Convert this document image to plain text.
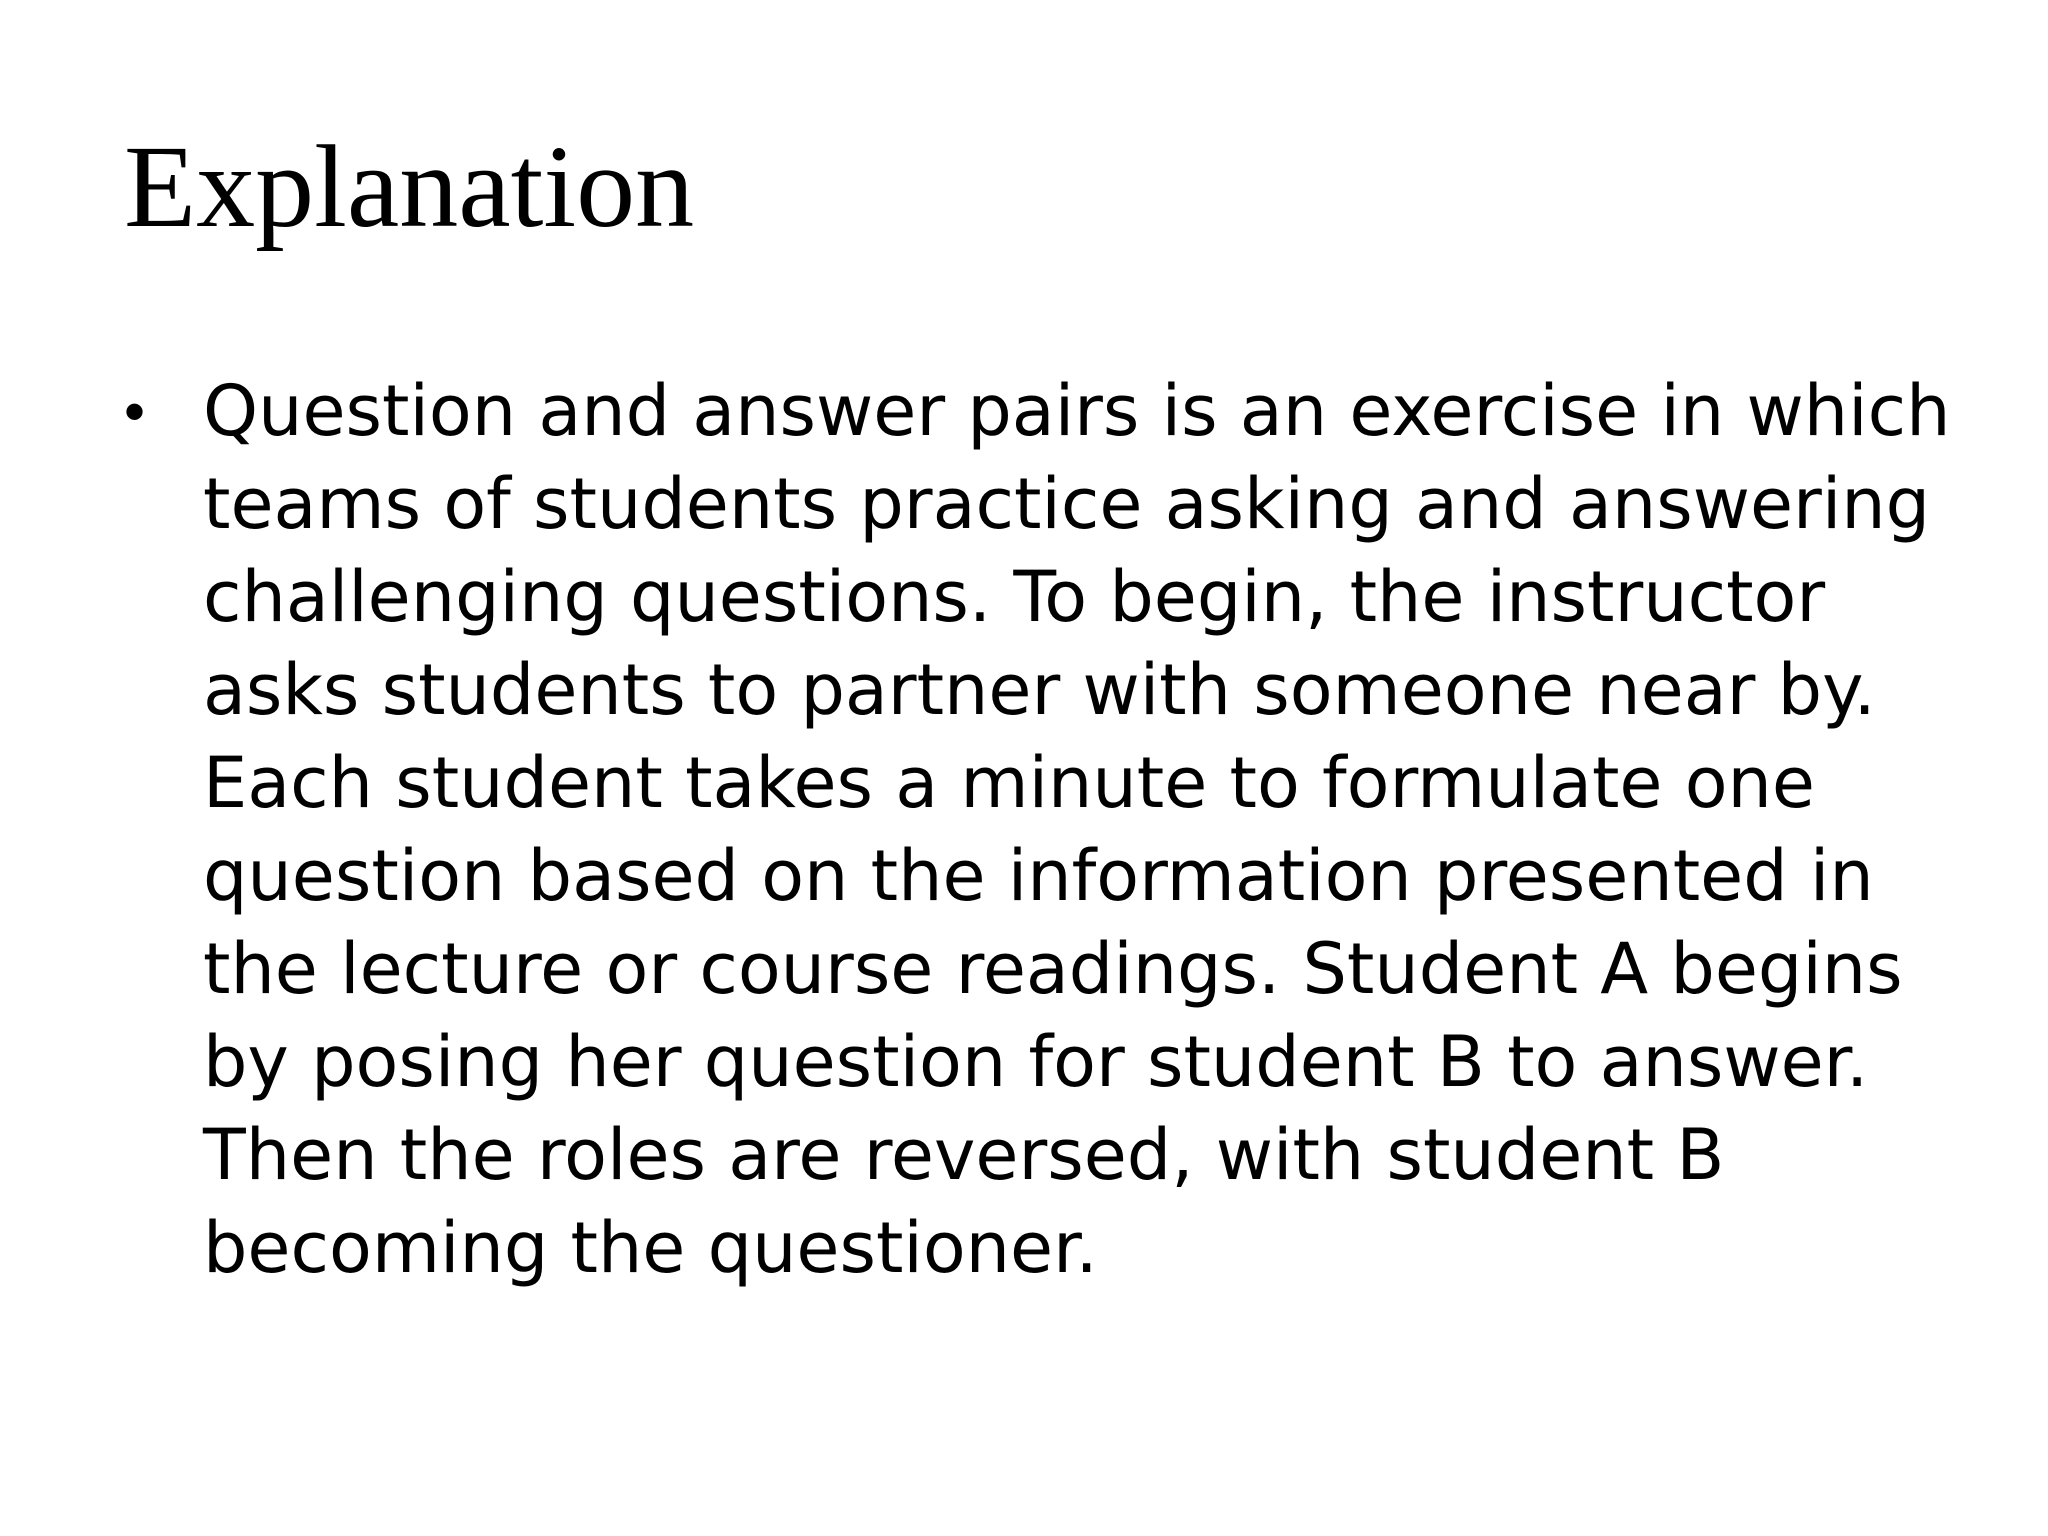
Explanation
• Question and answer pairs is an exercise in which
teams of students practice asking and answering
challenging questions. To begin, the instructor
asks students to partner with someone near by.
Each student takes a minute to formulate one
question based on the information presented in
the lecture or course readings. Student A begins
by posing her question for student B to answer.
Then the roles are reversed, with student B
becoming the questioner.
